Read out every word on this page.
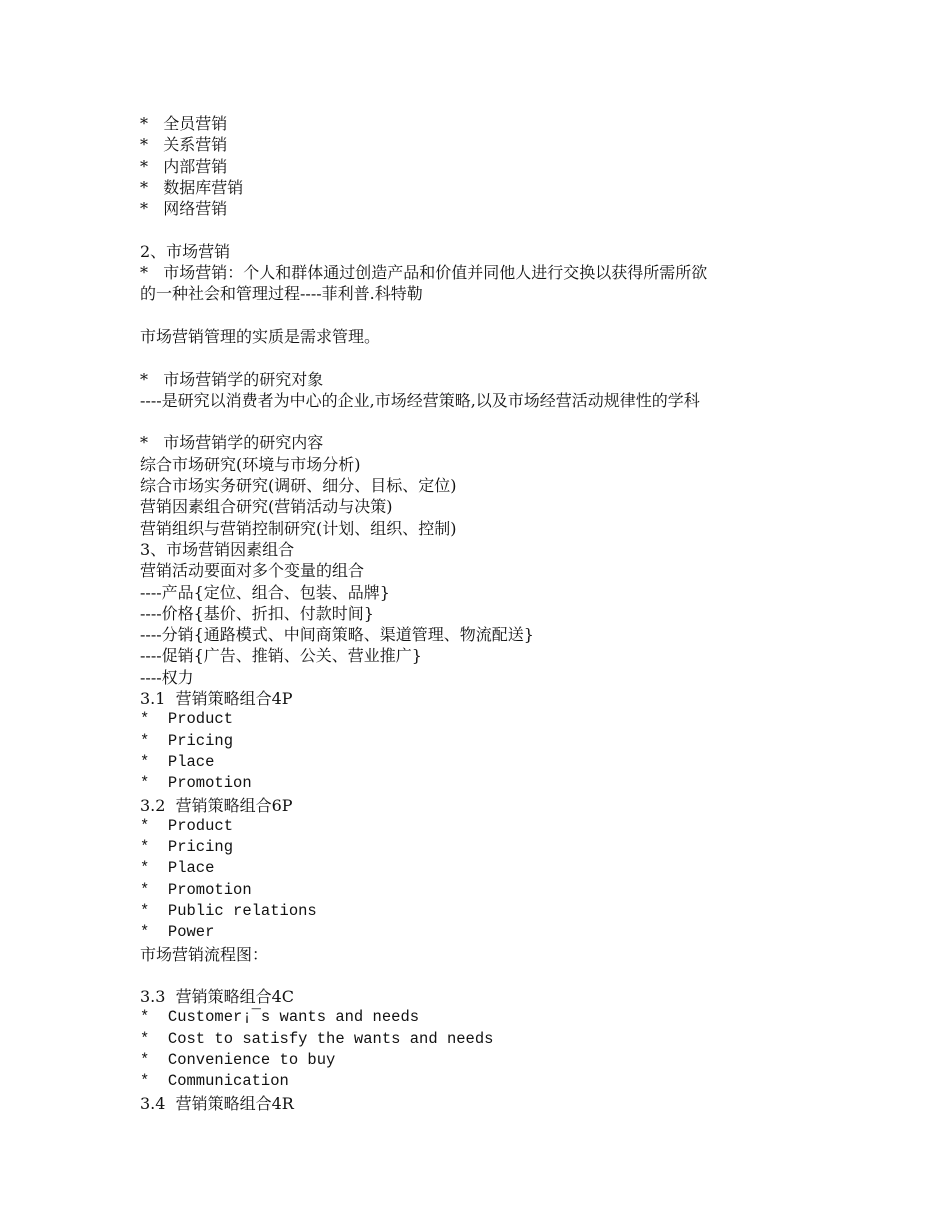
*   全员营销
*   关系营销
*   内部营销
*   数据库营销
*   网络营销
2、市场营销
*   市场营销：个人和群体通过创造产品和价值并同他人进行交换以获得所需所欲
的一种社会和管理过程----菲利普.科特勒
市场营销管理的实质是需求管理。
*   市场营销学的研究对象
----是研究以消费者为中心的企业,市场经营策略,以及市场经营活动规律性的学科
*   市场营销学的研究内容
综合市场研究(环境与市场分析)
综合市场实务研究(调研、细分、目标、定位)
营销因素组合研究(营销活动与决策)
营销组织与营销控制研究(计划、组织、控制)
3、市场营销因素组合
营销活动要面对多个变量的组合
----产品{定位、组合、包装、品牌}
----价格{基价、折扣、付款时间}
----分销{通路模式、中间商策略、渠道管理、物流配送}
----促销{广告、推销、公关、营业推广}
----权力
3.1  营销策略组合4P
*  Product
*  Pricing
*  Place
*  Promotion
3.2  营销策略组合6P
*  Product
*  Pricing
*  Place
*  Promotion
*  Public relations
*  Power
市场营销流程图：
3.3  营销策略组合4C
*  Customer¡¯s wants and needs
*  Cost to satisfy the wants and needs
*  Convenience to buy
*  Communication
3.4  营销策略组合4R
